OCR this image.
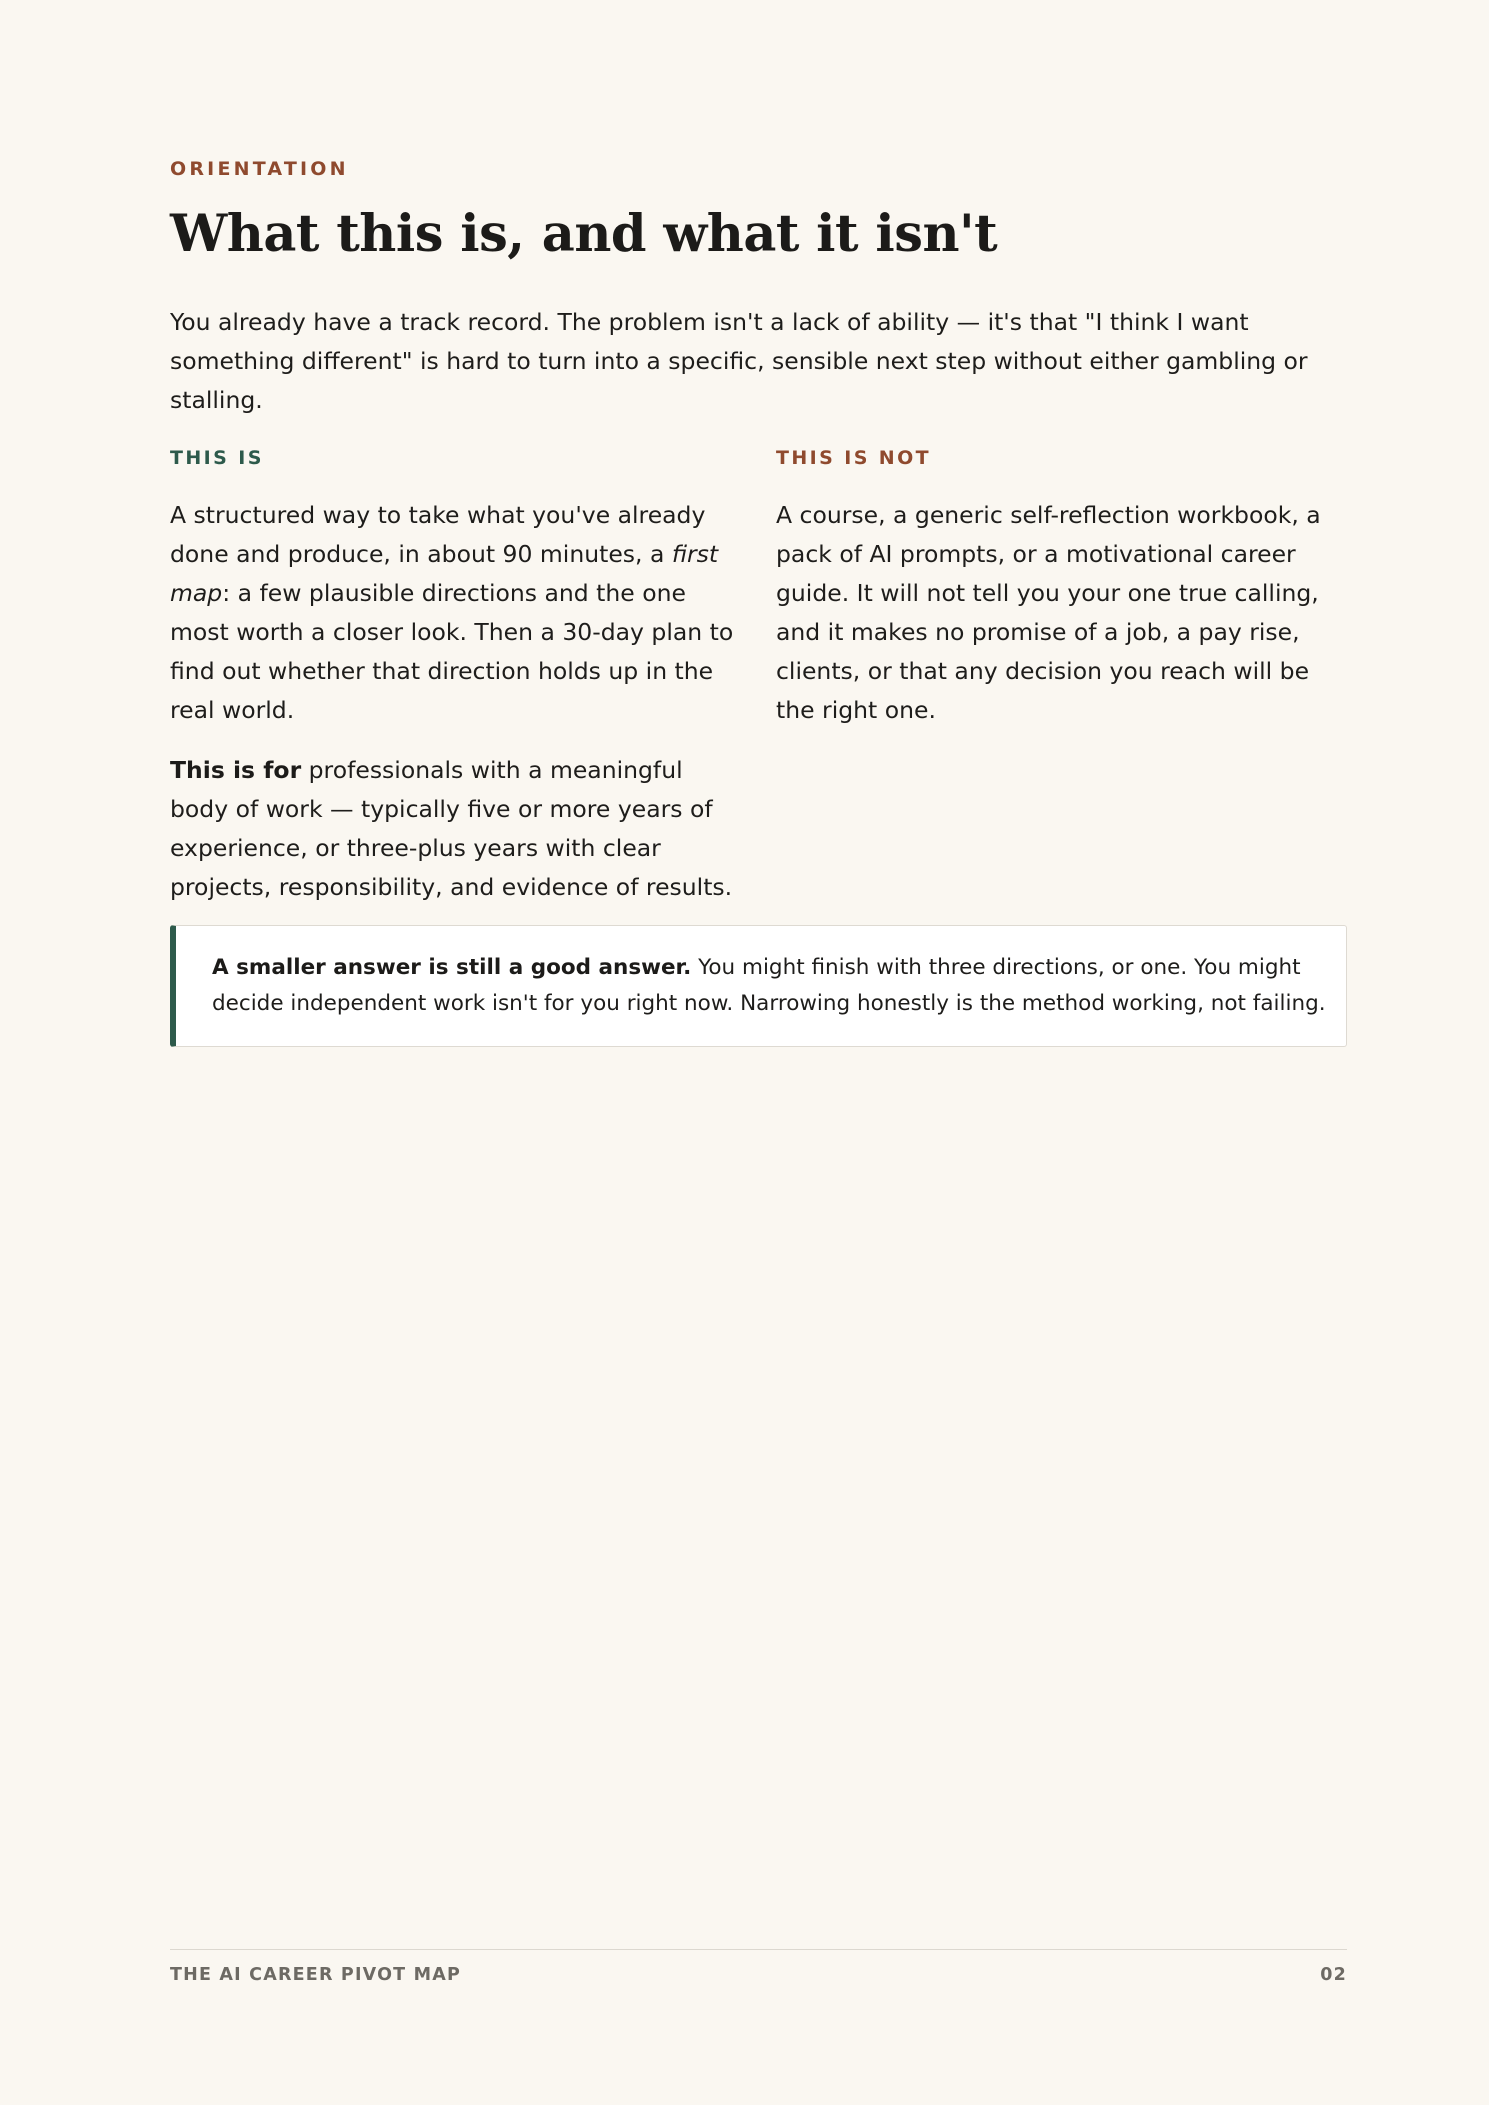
ORIENTATION
What this is, and what it isn't

You already have a track record. The problem isn't a lack of ability — it's that "I think I want something different" is hard to turn into a specific, sensible next step without either gambling or stalling.

THIS IS

A structured way to take what you've already done and produce, in about 90 minutes, a first map: a few plausible directions and the one most worth a closer look. Then a 30-day plan to find out whether that direction holds up in the real world.

This is for professionals with a meaningful body of work — typically five or more years of experience, or three-plus years with clear projects, responsibility, and evidence of results.

THIS IS NOT

A course, a generic self-reflection workbook, a pack of AI prompts, or a motivational career guide. It will not tell you your one true calling, and it makes no promise of a job, a pay rise, clients, or that any decision you reach will be the right one.

A smaller answer is still a good answer. You might finish with three directions, or one. You might decide independent work isn't for you right now. Narrowing honestly is the method working, not failing.
THE AI CAREER PIVOT MAP	02
